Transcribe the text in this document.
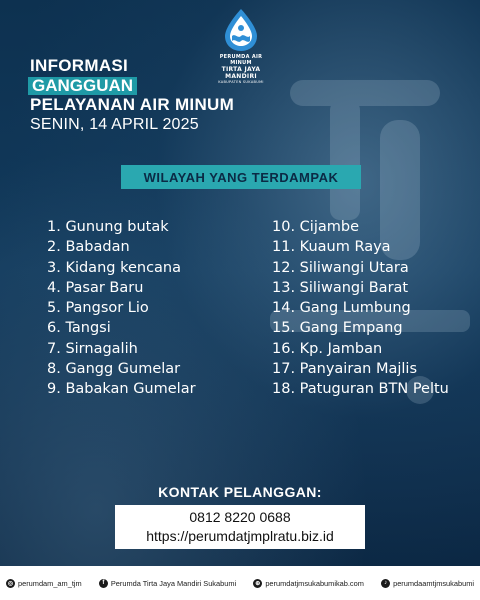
PERUMDA AIR MINUM
TIRTA JAYA MANDIRI
KABUPATEN SUKABUMI
INFORMASI
GANGGUAN
PELAYANAN AIR MINUM
SENIN, 14 APRIL 2025
WILAYAH YANG TERDAMPAK
1. Gunung butak
2. Babadan
3. Kidang kencana
4. Pasar Baru
5. Pangsor Lio
6. Tangsi
7. Sirnagalih
8. Gangg Gumelar
9. Babakan Gumelar
10. Cijambe
11. Kuaum Raya
12. Siliwangi Utara
13. Siliwangi Barat
14. Gang Lumbung
15. Gang Empang
16. Kp. Jamban
17. Panyairan Majlis
18. Patuguran BTN Peltu
KONTAK PELANGGAN:
0812 8220 0688
https://perumdatjmplratu.biz.id
◎ perumdam_am_tjm	f Perumda Tirta Jaya Mandiri Sukabumi	⊕ perumdatjmsukabumikab.com	♪ perumdaamtjmsukabumi
